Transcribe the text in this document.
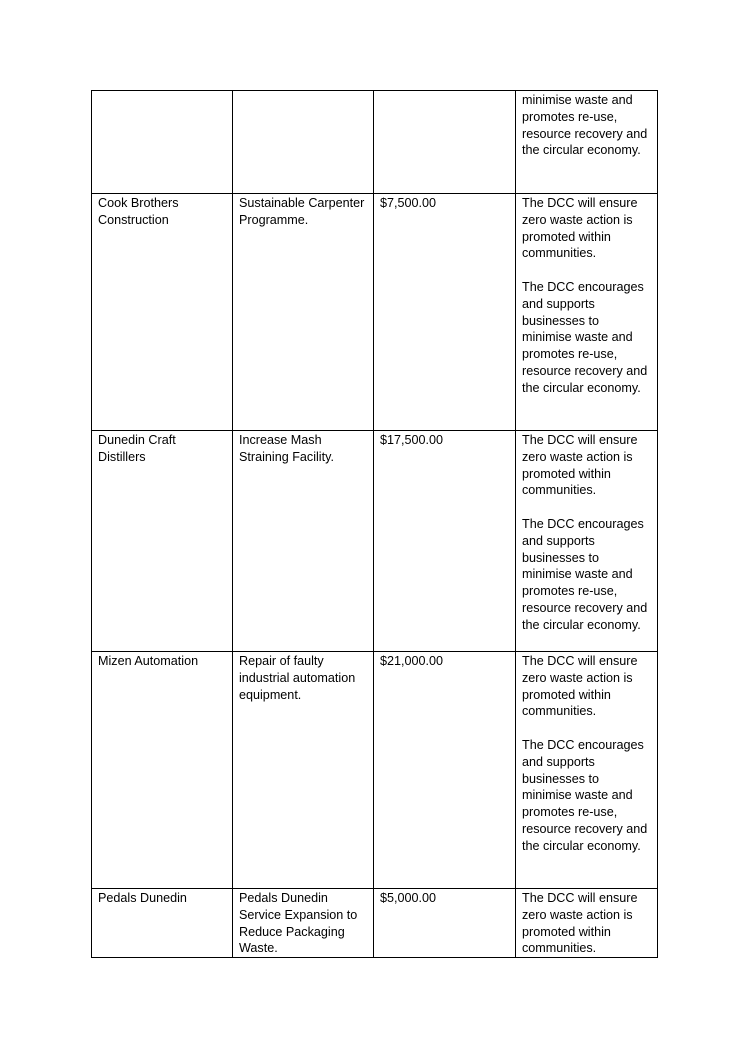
			minimise waste and promotes re-use, resource recovery and the circular economy.

Cook Brothers Construction	Sustainable Carpenter Programme.	$7,500.00	The DCC will ensure zero waste action is promoted within communities.
The DCC encourages and supports businesses to minimise waste and promotes re-use, resource recovery and the circular economy.

Dunedin Craft Distillers	Increase Mash Straining Facility.	$17,500.00	The DCC will ensure zero waste action is promoted within communities.
The DCC encourages and supports businesses to minimise waste and promotes re-use, resource recovery and the circular economy.

Mizen Automation	Repair of faulty industrial automation equipment.	$21,000.00	The DCC will ensure zero waste action is promoted within communities.
The DCC encourages and supports businesses to minimise waste and promotes re-use, resource recovery and the circular economy.

Pedals Dunedin	Pedals Dunedin Service Expansion to Reduce Packaging Waste.	$5,000.00	The DCC will ensure zero waste action is promoted within communities.
